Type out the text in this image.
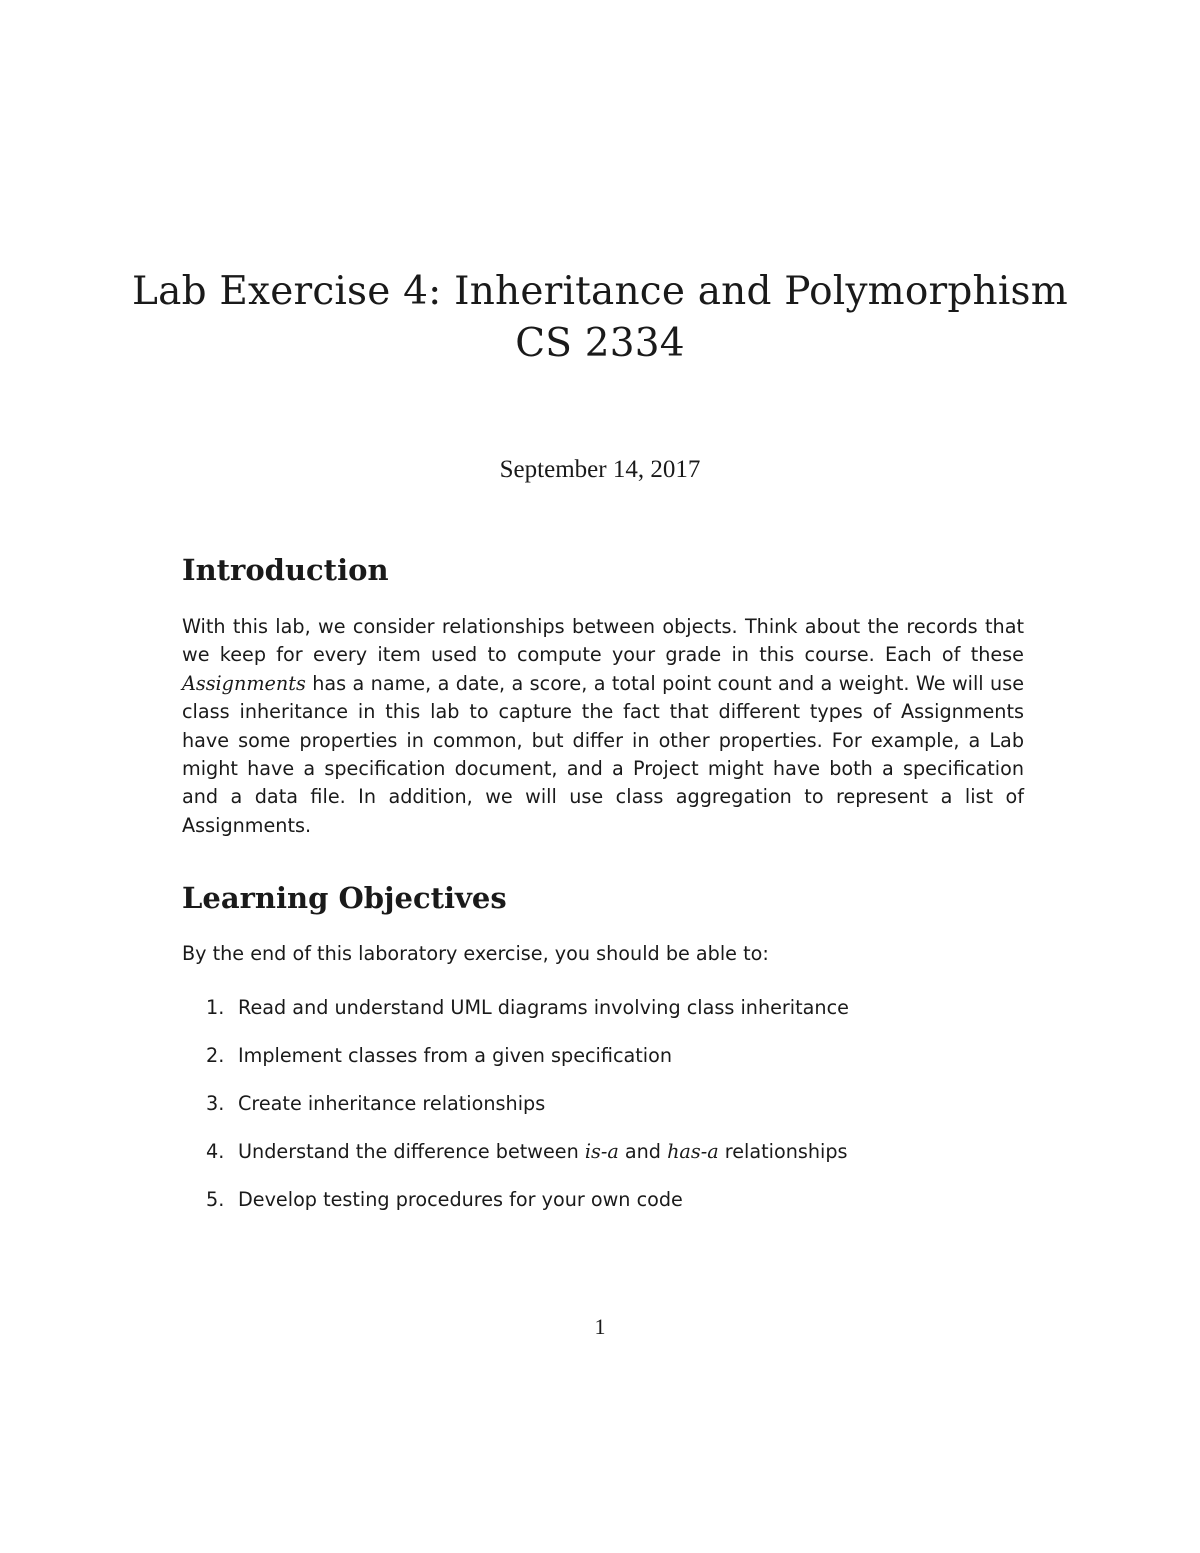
Lab Exercise 4: Inheritance and Polymorphism
CS 2334
September 14, 2017
Introduction

With this lab, we consider relationships between objects. Think about the records that we keep for every item used to compute your grade in this course. Each of these Assignments has a name, a date, a score, a total point count and a weight. We will use class inheritance in this lab to capture the fact that different types of Assignments have some properties in common, but differ in other properties. For example, a Lab might have a specification document, and a Project might have both a specification and a data file. In addition, we will use class aggregation to represent a list of Assignments.

Learning Objectives

By the end of this laboratory exercise, you should be able to:

1. Read and understand UML diagrams involving class inheritance
2. Implement classes from a given specification
3. Create inheritance relationships
4. Understand the difference between is-a and has-a relationships
5. Develop testing procedures for your own code
1
